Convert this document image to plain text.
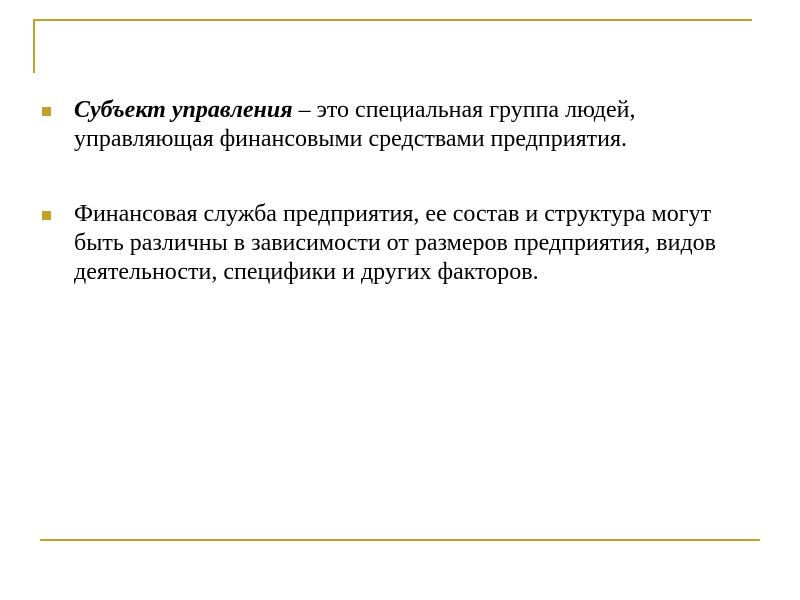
Субъект управления – это специальная группа людей, управляющая финансовыми средствами предприятия.
Финансовая служба предприятия, ее состав и структура могут быть различны в зависимости от размеров предприятия, видов деятельности, специфики и других факторов.
